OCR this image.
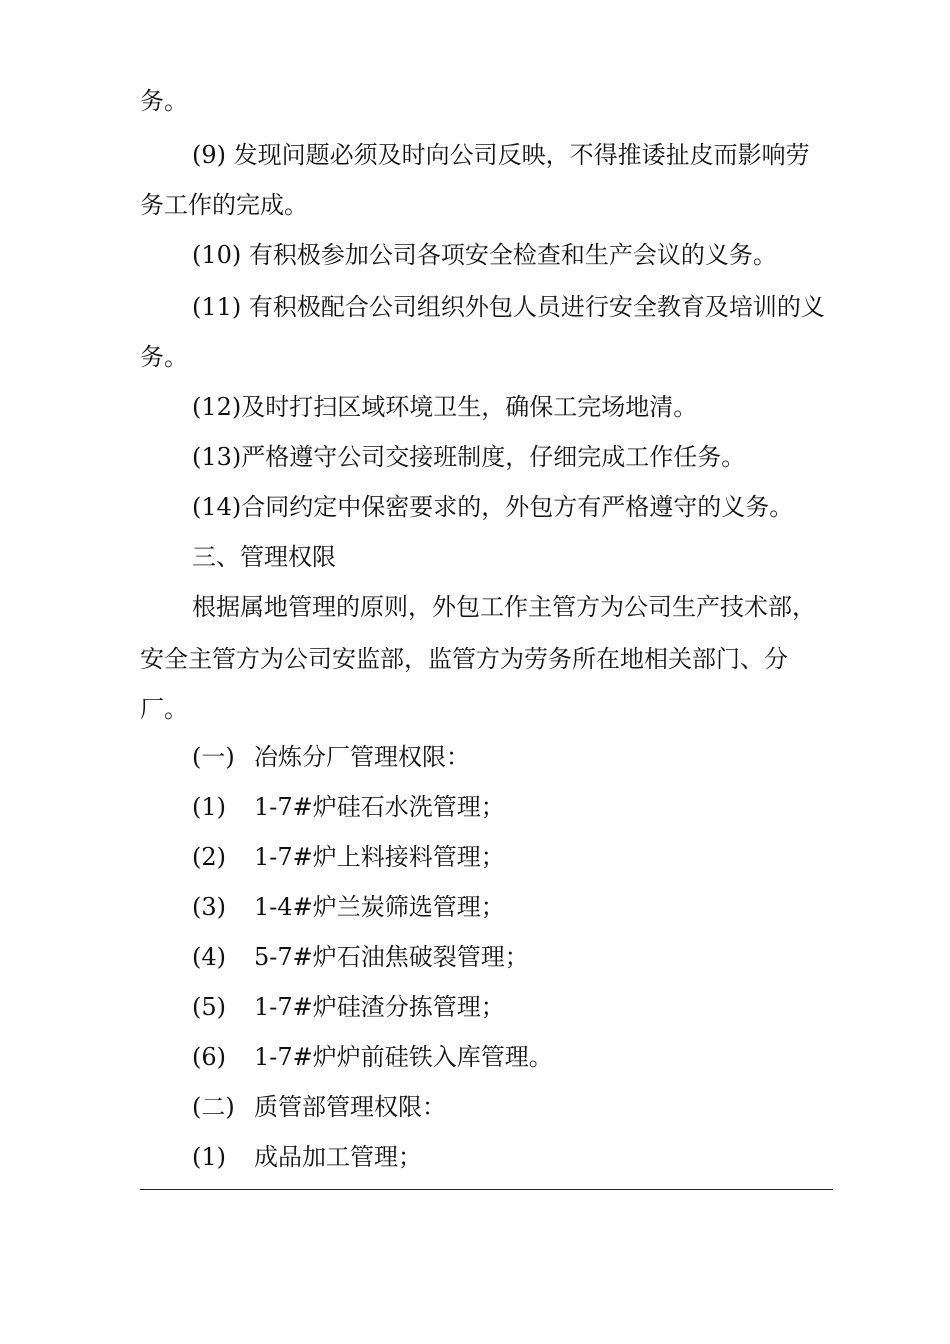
务。
(9) 发现问题必须及时向公司反映，不得推诿扯皮而影响劳
务工作的完成。
(10) 有积极参加公司各项安全检查和生产会议的义务。
(11) 有积极配合公司组织外包人员进行安全教育及培训的义
务。
(12)及时打扫区域环境卫生，确保工完场地清。
(13)严格遵守公司交接班制度，仔细完成工作任务。
(14)合同约定中保密要求的，外包方有严格遵守的义务。
三、管理权限
根据属地管理的原则，外包工作主管方为公司生产技术部，
安全主管方为公司安监部，监管方为劳务所在地相关部门、分
厂。
(一) 冶炼分厂管理权限：
(1) 1-7#炉硅石水洗管理；
(2) 1-7#炉上料接料管理；
(3) 1-4#炉兰炭筛选管理；
(4) 5-7#炉石油焦破裂管理；
(5) 1-7#炉硅渣分拣管理；
(6) 1-7#炉炉前硅铁入库管理。
(二) 质管部管理权限：
(1) 成品加工管理；
